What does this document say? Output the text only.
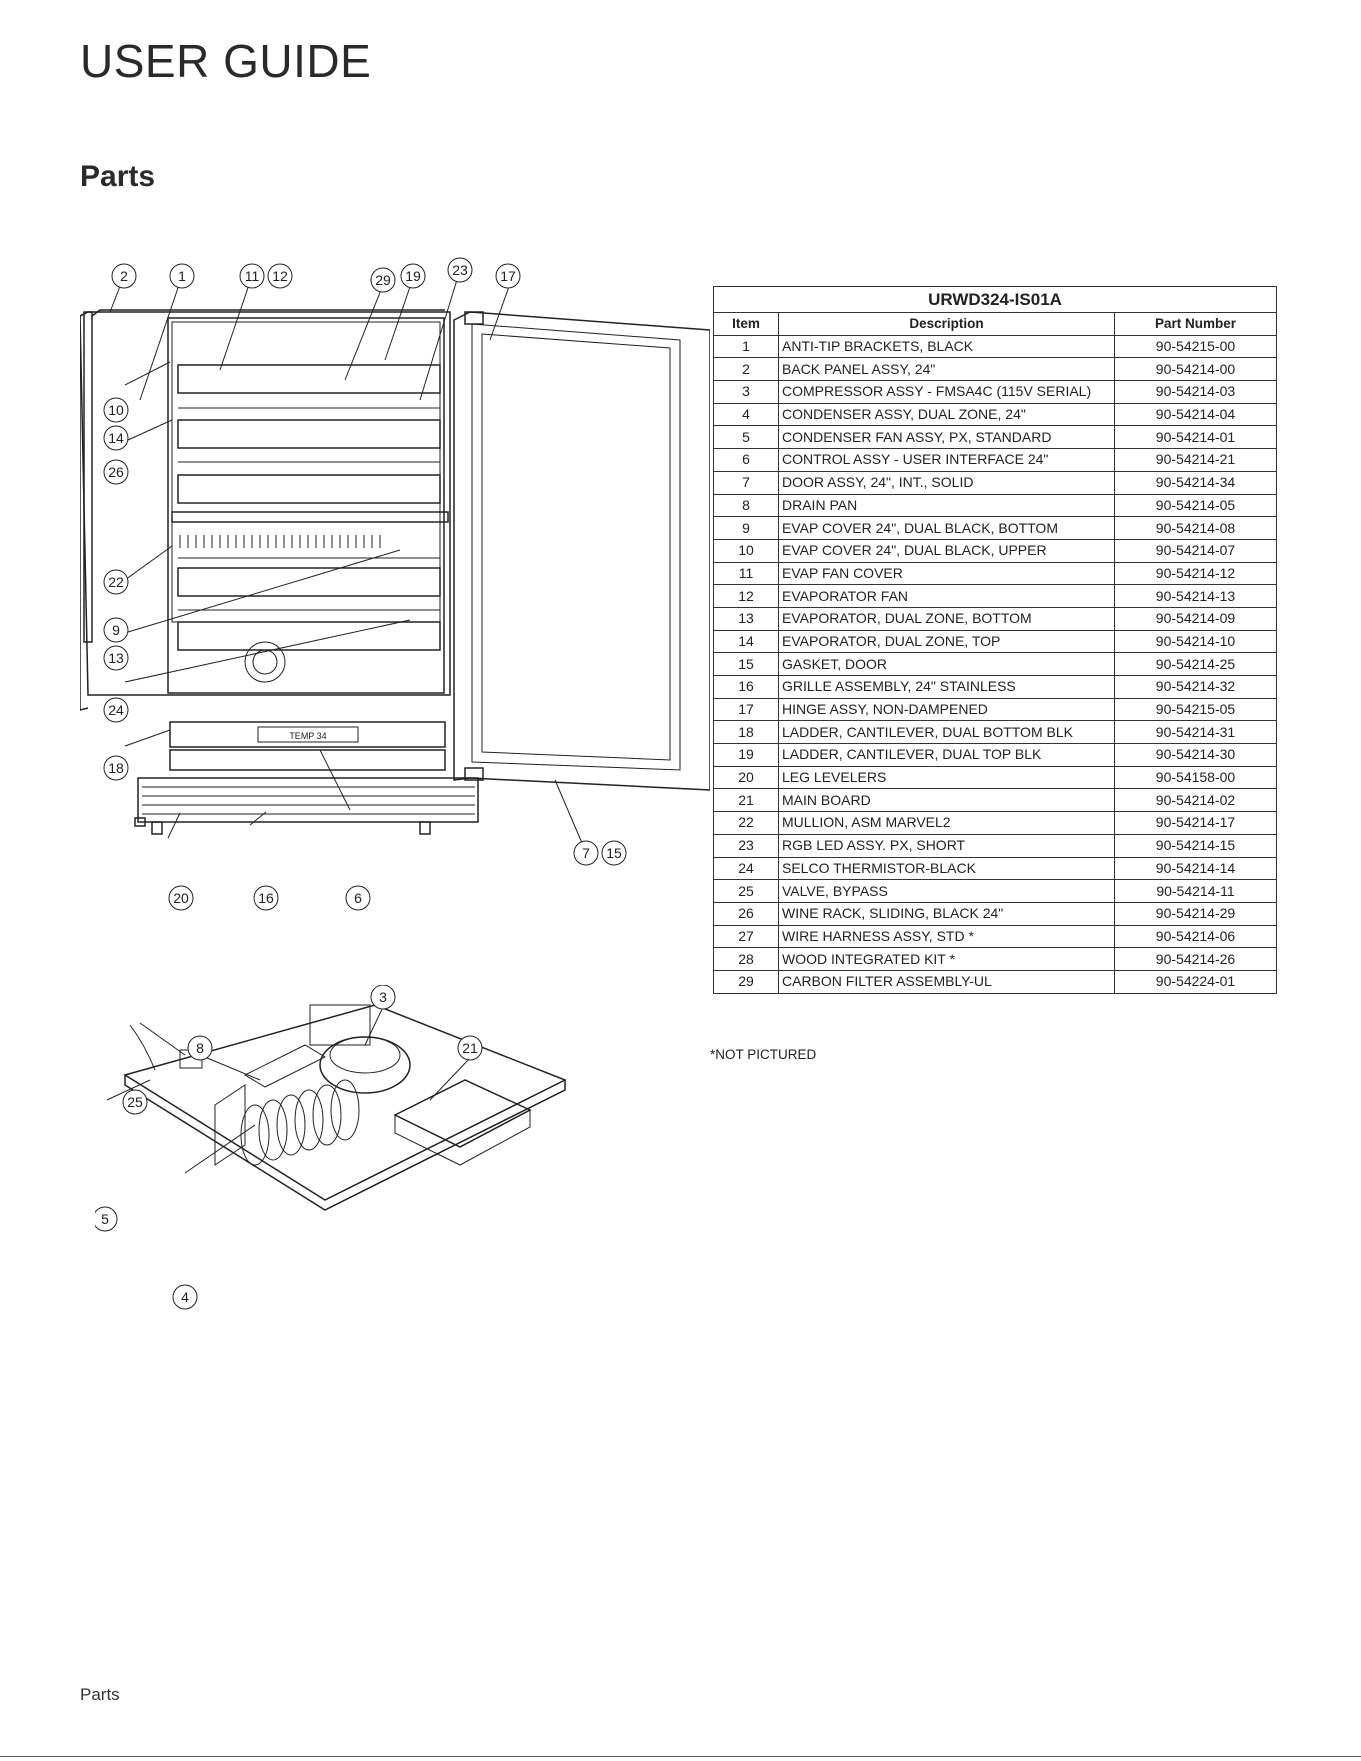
USER GUIDE
Parts
TEMP 34
2	1	11 12	29 19 23 17
10
14
26
22
9
13
24
18
20	16	6
7 15
3
8	21
25
5
4
URWD324-IS01A		
Item	Description	Part Number
1	ANTI-TIP BRACKETS, BLACK	90-54215-00
2	BACK PANEL ASSY, 24"	90-54214-00
3	COMPRESSOR ASSY - FMSA4C (115V SERIAL)	90-54214-03
4	CONDENSER ASSY, DUAL ZONE, 24"	90-54214-04
5	CONDENSER FAN ASSY, PX, STANDARD	90-54214-01
6	CONTROL ASSY - USER INTERFACE 24"	90-54214-21
7	DOOR ASSY, 24", INT., SOLID	90-54214-34
8	DRAIN PAN	90-54214-05
9	EVAP COVER 24", DUAL BLACK, BOTTOM	90-54214-08
10	EVAP COVER 24", DUAL BLACK, UPPER	90-54214-07
11	EVAP FAN COVER	90-54214-12
12	EVAPORATOR FAN	90-54214-13
13	EVAPORATOR, DUAL ZONE, BOTTOM	90-54214-09
14	EVAPORATOR, DUAL ZONE, TOP	90-54214-10
15	GASKET, DOOR	90-54214-25
16	GRILLE ASSEMBLY, 24" STAINLESS	90-54214-32
17	HINGE ASSY, NON-DAMPENED	90-54215-05
18	LADDER, CANTILEVER, DUAL BOTTOM BLK	90-54214-31
19	LADDER, CANTILEVER, DUAL TOP BLK	90-54214-30
20	LEG LEVELERS	90-54158-00
21	MAIN BOARD	90-54214-02
22	MULLION, ASM MARVEL2	90-54214-17
23	RGB LED ASSY. PX, SHORT	90-54214-15
24	SELCO THERMISTOR-BLACK	90-54214-14
25	VALVE, BYPASS	90-54214-11
26	WINE RACK, SLIDING, BLACK 24"	90-54214-29
27	WIRE HARNESS ASSY, STD *	90-54214-06
28	WOOD INTEGRATED KIT *	90-54214-26
29	CARBON FILTER ASSEMBLY-UL	90-54224-01
*NOT PICTURED
Parts
